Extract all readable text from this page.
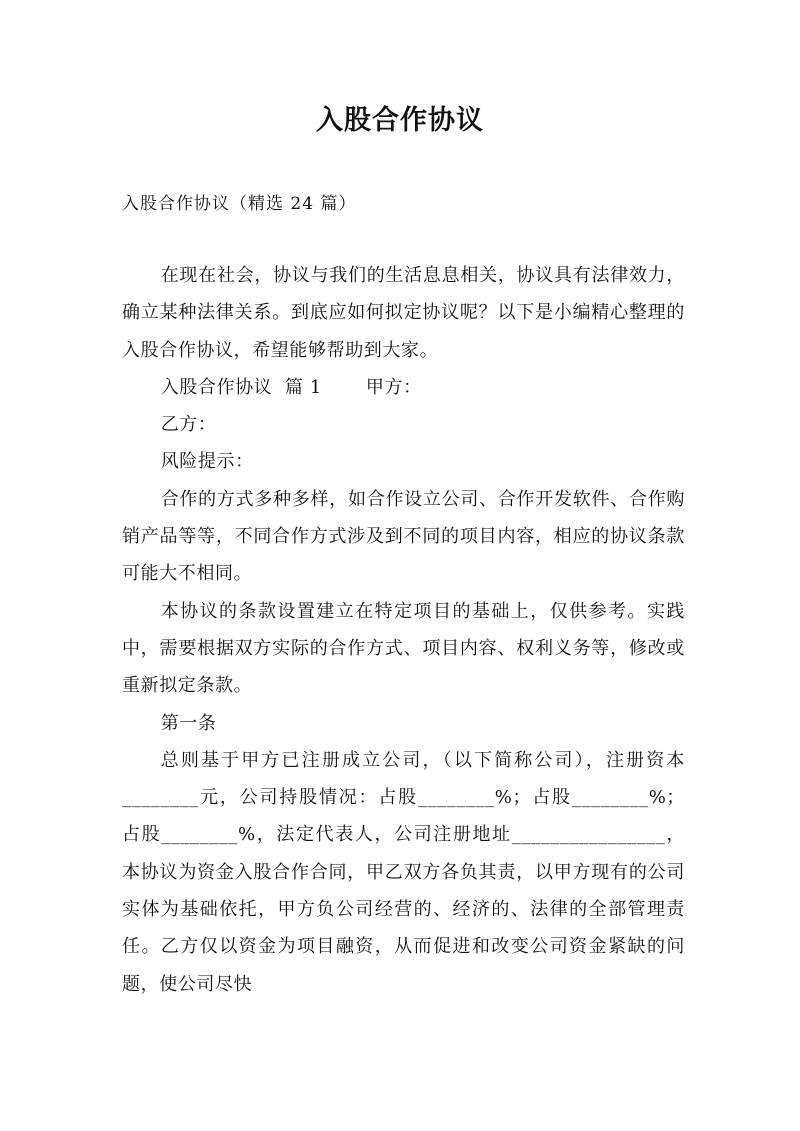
入股合作协议
入股合作协议（精选 24 篇）

在现在社会，协议与我们的生活息息相关，协议具有法律效力，确立某种法律关系。到底应如何拟定协议呢？以下是小编精心整理的入股合作协议，希望能够帮助到大家。

入股合作协议  篇 1 甲方：

乙方：

风险提示：

合作的方式多种多样，如合作设立公司、合作开发软件、合作购销产品等等，不同合作方式涉及到不同的项目内容，相应的协议条款可能大不相同。

本协议的条款设置建立在特定项目的基础上，仅供参考。实践中，需要根据双方实际的合作方式、项目内容、权利义务等，修改或重新拟定条款。

第一条

总则基于甲方已注册成立公司，（以下简称公司），注册资本________元，公司持股情况：占股________%；占股________%；占股________%，法定代表人，公司注册地址________________，本协议为资金入股合作合同，甲乙双方各负其责，以甲方现有的公司实体为基础依托，甲方负公司经营的、经济的、法律的全部管理责任。乙方仅以资金为项目融资，从而促进和改变公司资金紧缺的问题，使公司尽快
